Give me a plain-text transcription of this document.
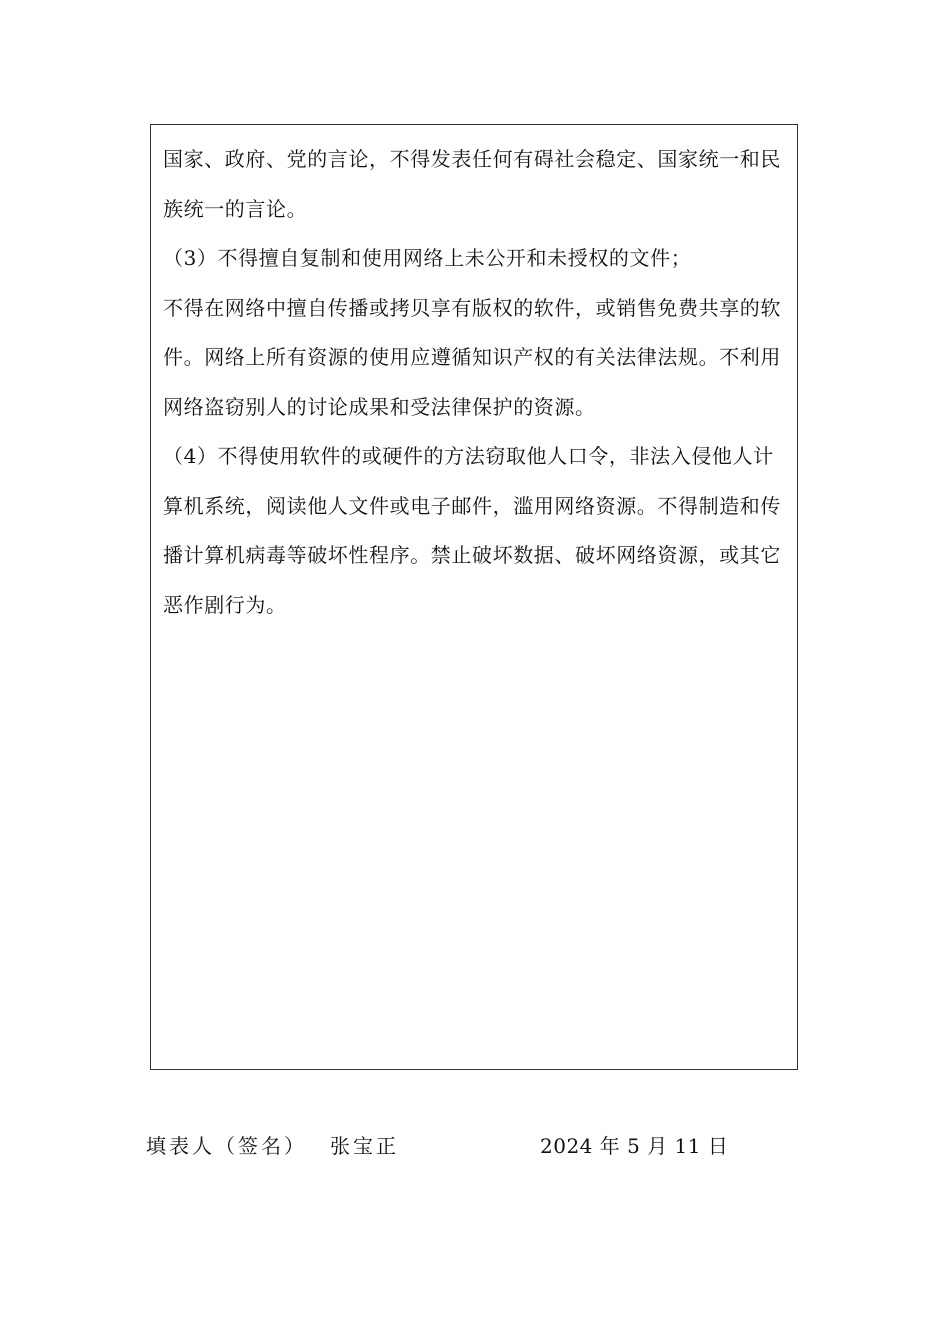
国家、政府、党的言论，不得发表任何有碍社会稳定、国家统一和民族统一的言论。

（3）不得擅自复制和使用网络上未公开和未授权的文件；

不得在网络中擅自传播或拷贝享有版权的软件，或销售免费共享的软件。网络上所有资源的使用应遵循知识产权的有关法律法规。不利用网络盗窃别人的讨论成果和受法律保护的资源。

（4）不得使用软件的或硬件的方法窃取他人口令，非法入侵他人计算机系统，阅读他人文件或电子邮件，滥用网络资源。不得制造和传播计算机病毒等破坏性程序。禁止破坏数据、破坏网络资源，或其它恶作剧行为。

填表人（签名） 张宝正	2024 年 5 月 11 日
